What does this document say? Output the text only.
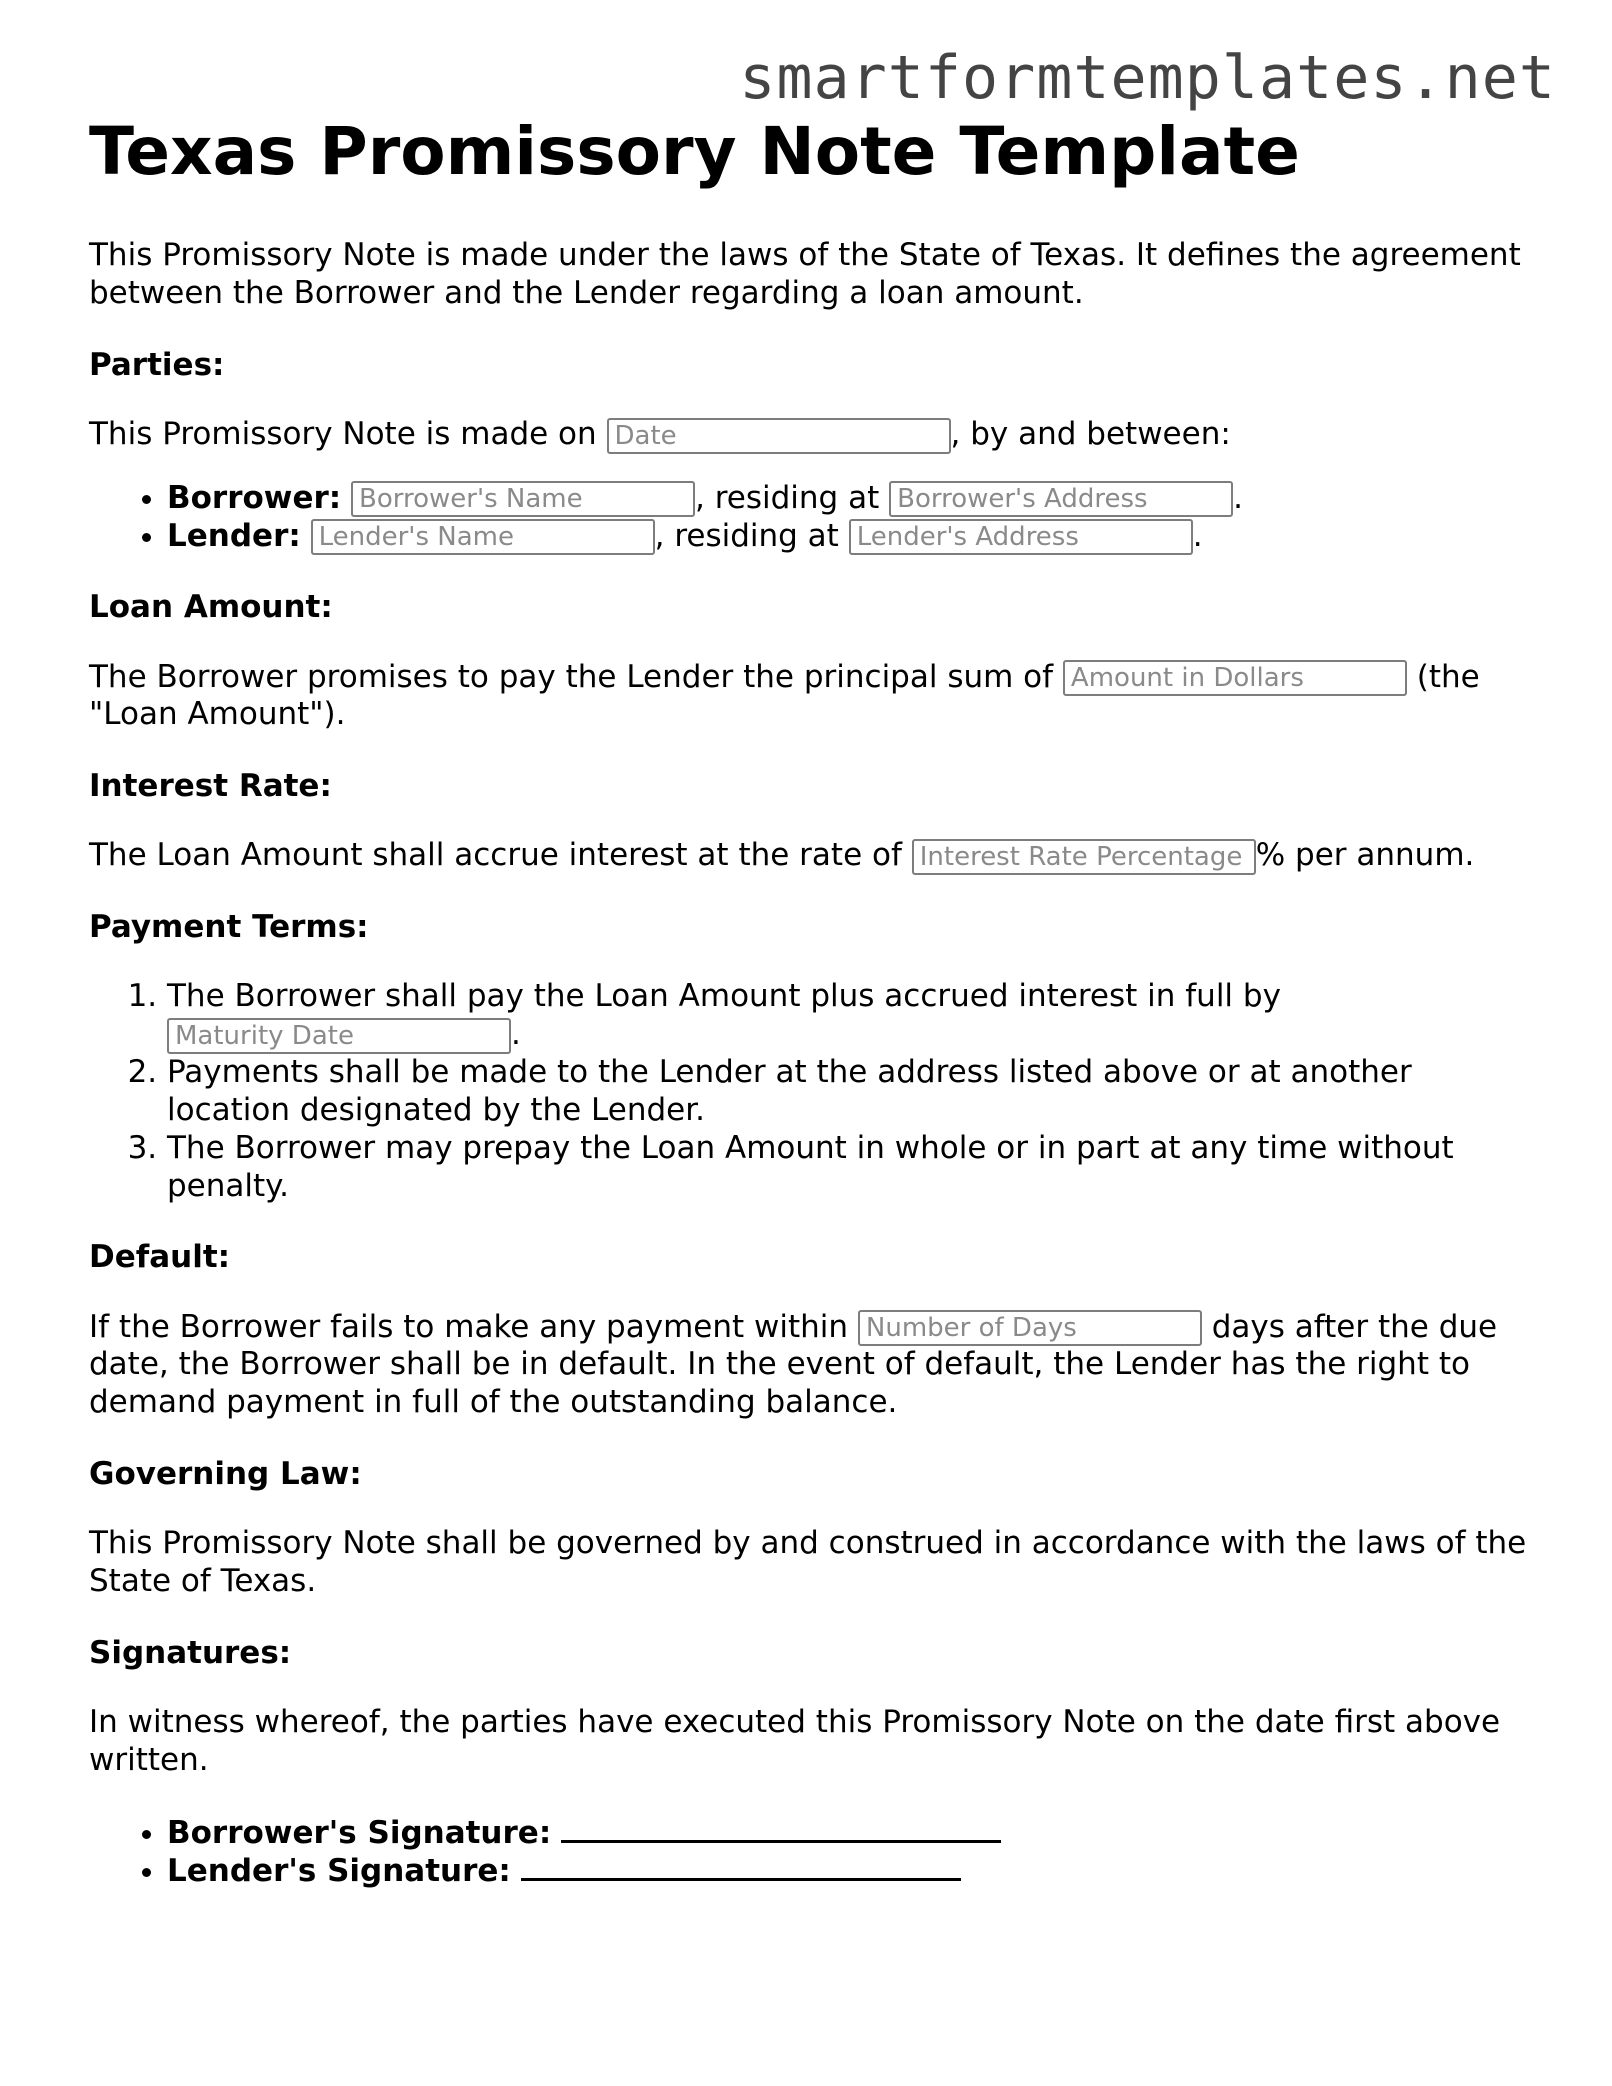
smartformtemplates.net
Texas Promissory Note Template

This Promissory Note is made under the laws of the State of Texas. It defines the agreement between the Borrower and the Lender regarding a loan amount.

Parties:

This Promissory Note is made on Date	, by and between:

• Borrower: Borrower's Name	, residing at Borrower's Address	.
• Lender: Lender's Name	, residing at Lender's Address	.
Loan Amount:

The Borrower promises to pay the Lender the principal sum of Amount in Dollars	(the "Loan Amount").

Interest Rate:

The Loan Amount shall accrue interest at the rate of Interest Rate Percentage	% per annum.

Payment Terms:
1. The Borrower shall pay the Loan Amount plus accrued interest in full by Maturity Date.
2. Payments shall be made to the Lender at the address listed above or at another location designated by the Lender.
3. The Borrower may prepay the Loan Amount in whole or in part at any time without penalty.
Default:

If the Borrower fails to make any payment within Number of Days	days after the due date, the Borrower shall be in default. In the event of default, the Lender has the right to demand payment in full of the outstanding balance.

Governing Law:

This Promissory Note shall be governed by and construed in accordance with the laws of the State of Texas.

Signatures:

In witness whereof, the parties have executed this Promissory Note on the date first above written.

• Borrower's Signature:
• Lender's Signature:
